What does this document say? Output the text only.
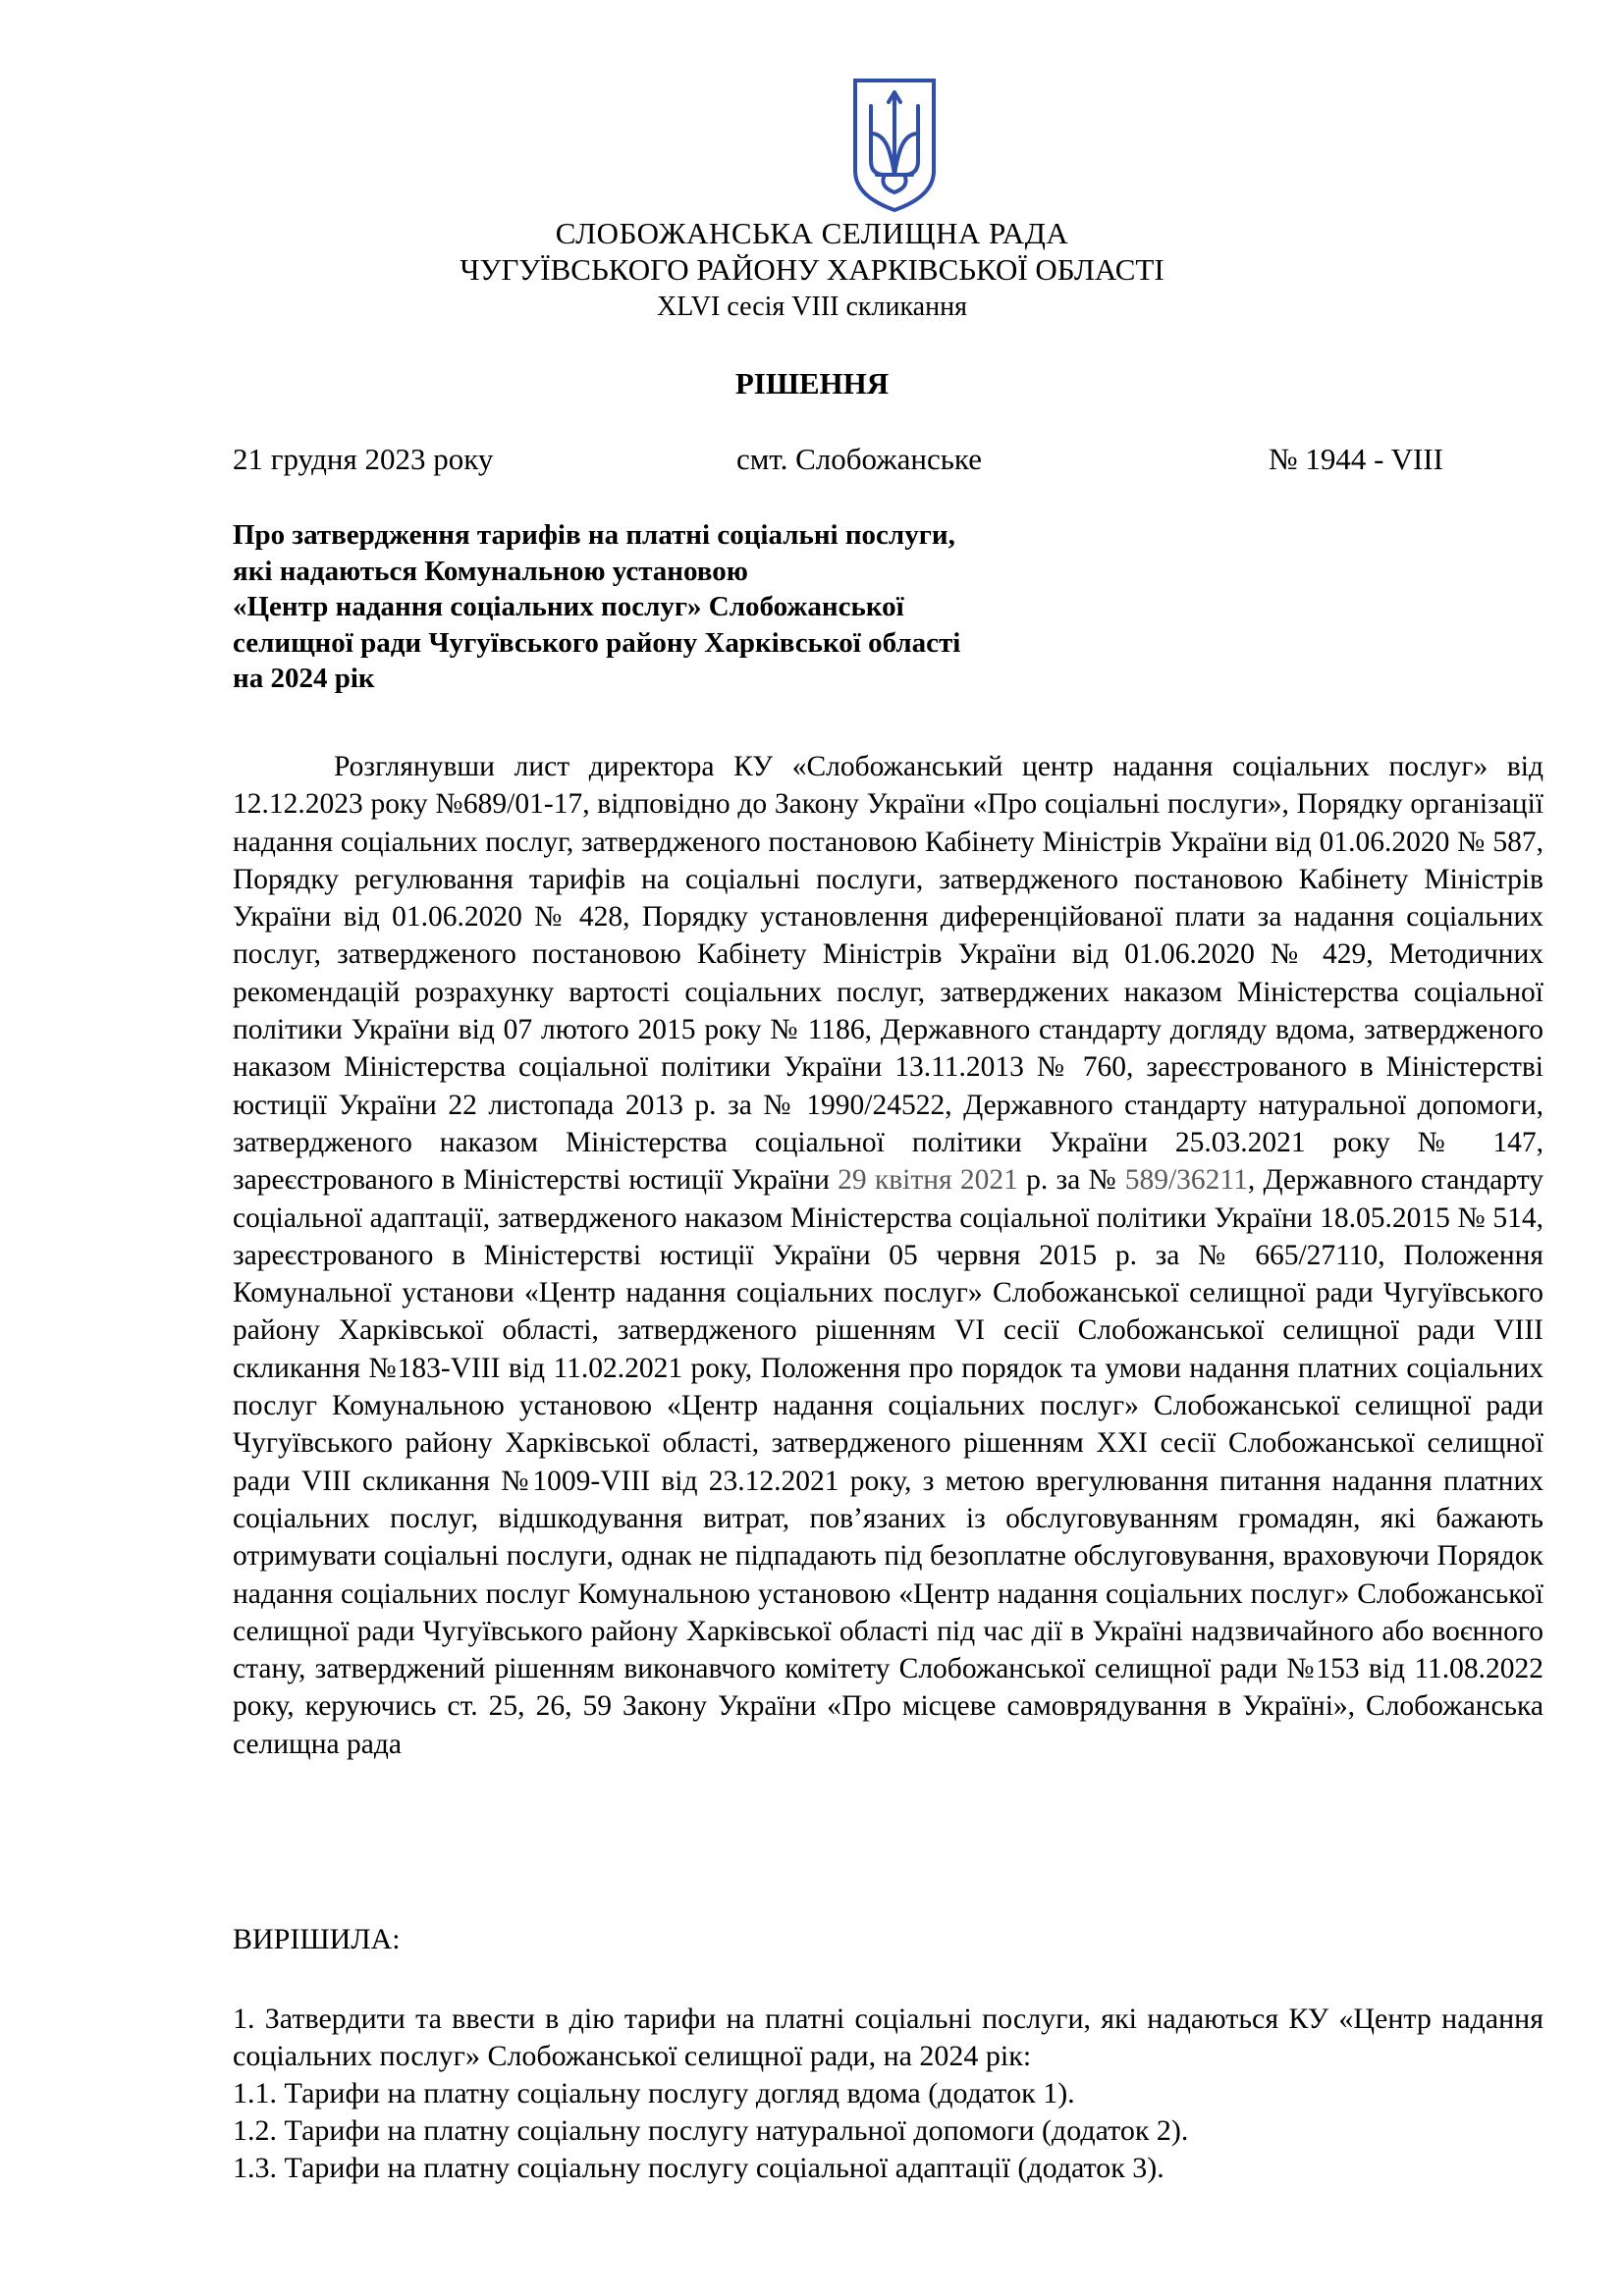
СЛОБОЖАНСЬКА СЕЛИЩНА РАДА
ЧУГУЇВСЬКОГО РАЙОНУ ХАРКІВСЬКОЇ ОБЛАСТІ
XLVI сесія VIII скликання
РІШЕННЯ
21 грудня 2023 року	смт. Слобожанське	№ 1944 - VIII
Про затвердження тарифів на платні соціальні послуги,
які надаються Комунальною установою
«Центр надання соціальних послуг» Слобожанської
селищної ради Чугуївського району Харківської області
на 2024 рік
Розглянувши лист директора КУ «Слобожанський центр надання соціальних послуг» від 12.12.2023 року №689/01-17, відповідно до Закону України «Про соціальні послуги», Порядку організації надання соціальних послуг, затвердженого постановою Кабінету Міністрів України від 01.06.2020 № 587, Порядку регулювання тарифів на соціальні послуги, затвердженого постановою Кабінету Міністрів України від 01.06.2020 № 428, Порядку установлення диференційованої плати за надання соціальних послуг, затвердженого постановою Кабінету Міністрів України від 01.06.2020 № 429, Методичних рекомендацій розрахунку вартості соціальних послуг, затверджених наказом Міністерства соціальної політики України від 07 лютого 2015 року № 1186, Державного стандарту догляду вдома, затвердженого наказом Міністерства соціальної політики України 13.11.2013 № 760, зареєстрованого в Міністерстві юстиції України 22 листопада 2013 р. за № 1990/24522, Державного стандарту натуральної допомоги, затвердженого наказом Міністерства соціальної політики України 25.03.2021 року № 147, зареєстрованого в Міністерстві юстиції України 29 квітня 2021 р. за № 589/36211, Державного стандарту соціальної адаптації, затвердженого наказом Міністерства соціальної політики України 18.05.2015 № 514, зареєстрованого в Міністерстві юстиції України 05 червня 2015 р. за № 665/27110, Положення Комунальної установи «Центр надання соціальних послуг» Слобожанської селищної ради Чугуївського району Харківської області, затвердженого рішенням VI сесії Слобожанської селищної ради VIII скликання №183-VIII від 11.02.2021 року, Положення про порядок та умови надання платних соціальних послуг Комунальною установою «Центр надання соціальних послуг» Слобожанської селищної ради Чугуївського району Харківської області, затвердженого рішенням XXI сесії Слобожанської селищної ради VIII скликання №1009-VIII від 23.12.2021 року, з метою врегулювання питання надання платних соціальних послуг, відшкодування витрат, пов’язаних із обслуговуванням громадян, які бажають отримувати соціальні послуги, однак не підпадають під безоплатне обслуговування, враховуючи Порядок надання соціальних послуг Комунальною установою «Центр надання соціальних послуг» Слобожанської селищної ради Чугуївського району Харківської області під час дії в Україні надзвичайного або воєнного стану, затверджений рішенням виконавчого комітету Слобожанської селищної ради №153 від 11.08.2022 року, керуючись ст. 25, 26, 59 Закону України «Про місцеве самоврядування в Україні», Слобожанська селищна рада
ВИРІШИЛА:
1. Затвердити та ввести в дію тарифи на платні соціальні послуги, які надаються КУ «Центр надання соціальних послуг» Слобожанської селищної ради, на 2024 рік:
1.1. Тарифи на платну соціальну послугу догляд вдома (додаток 1).
1.2. Тарифи на платну соціальну послугу натуральної допомоги (додаток 2).
1.3. Тарифи на платну соціальну послугу соціальної адаптації (додаток 3).
